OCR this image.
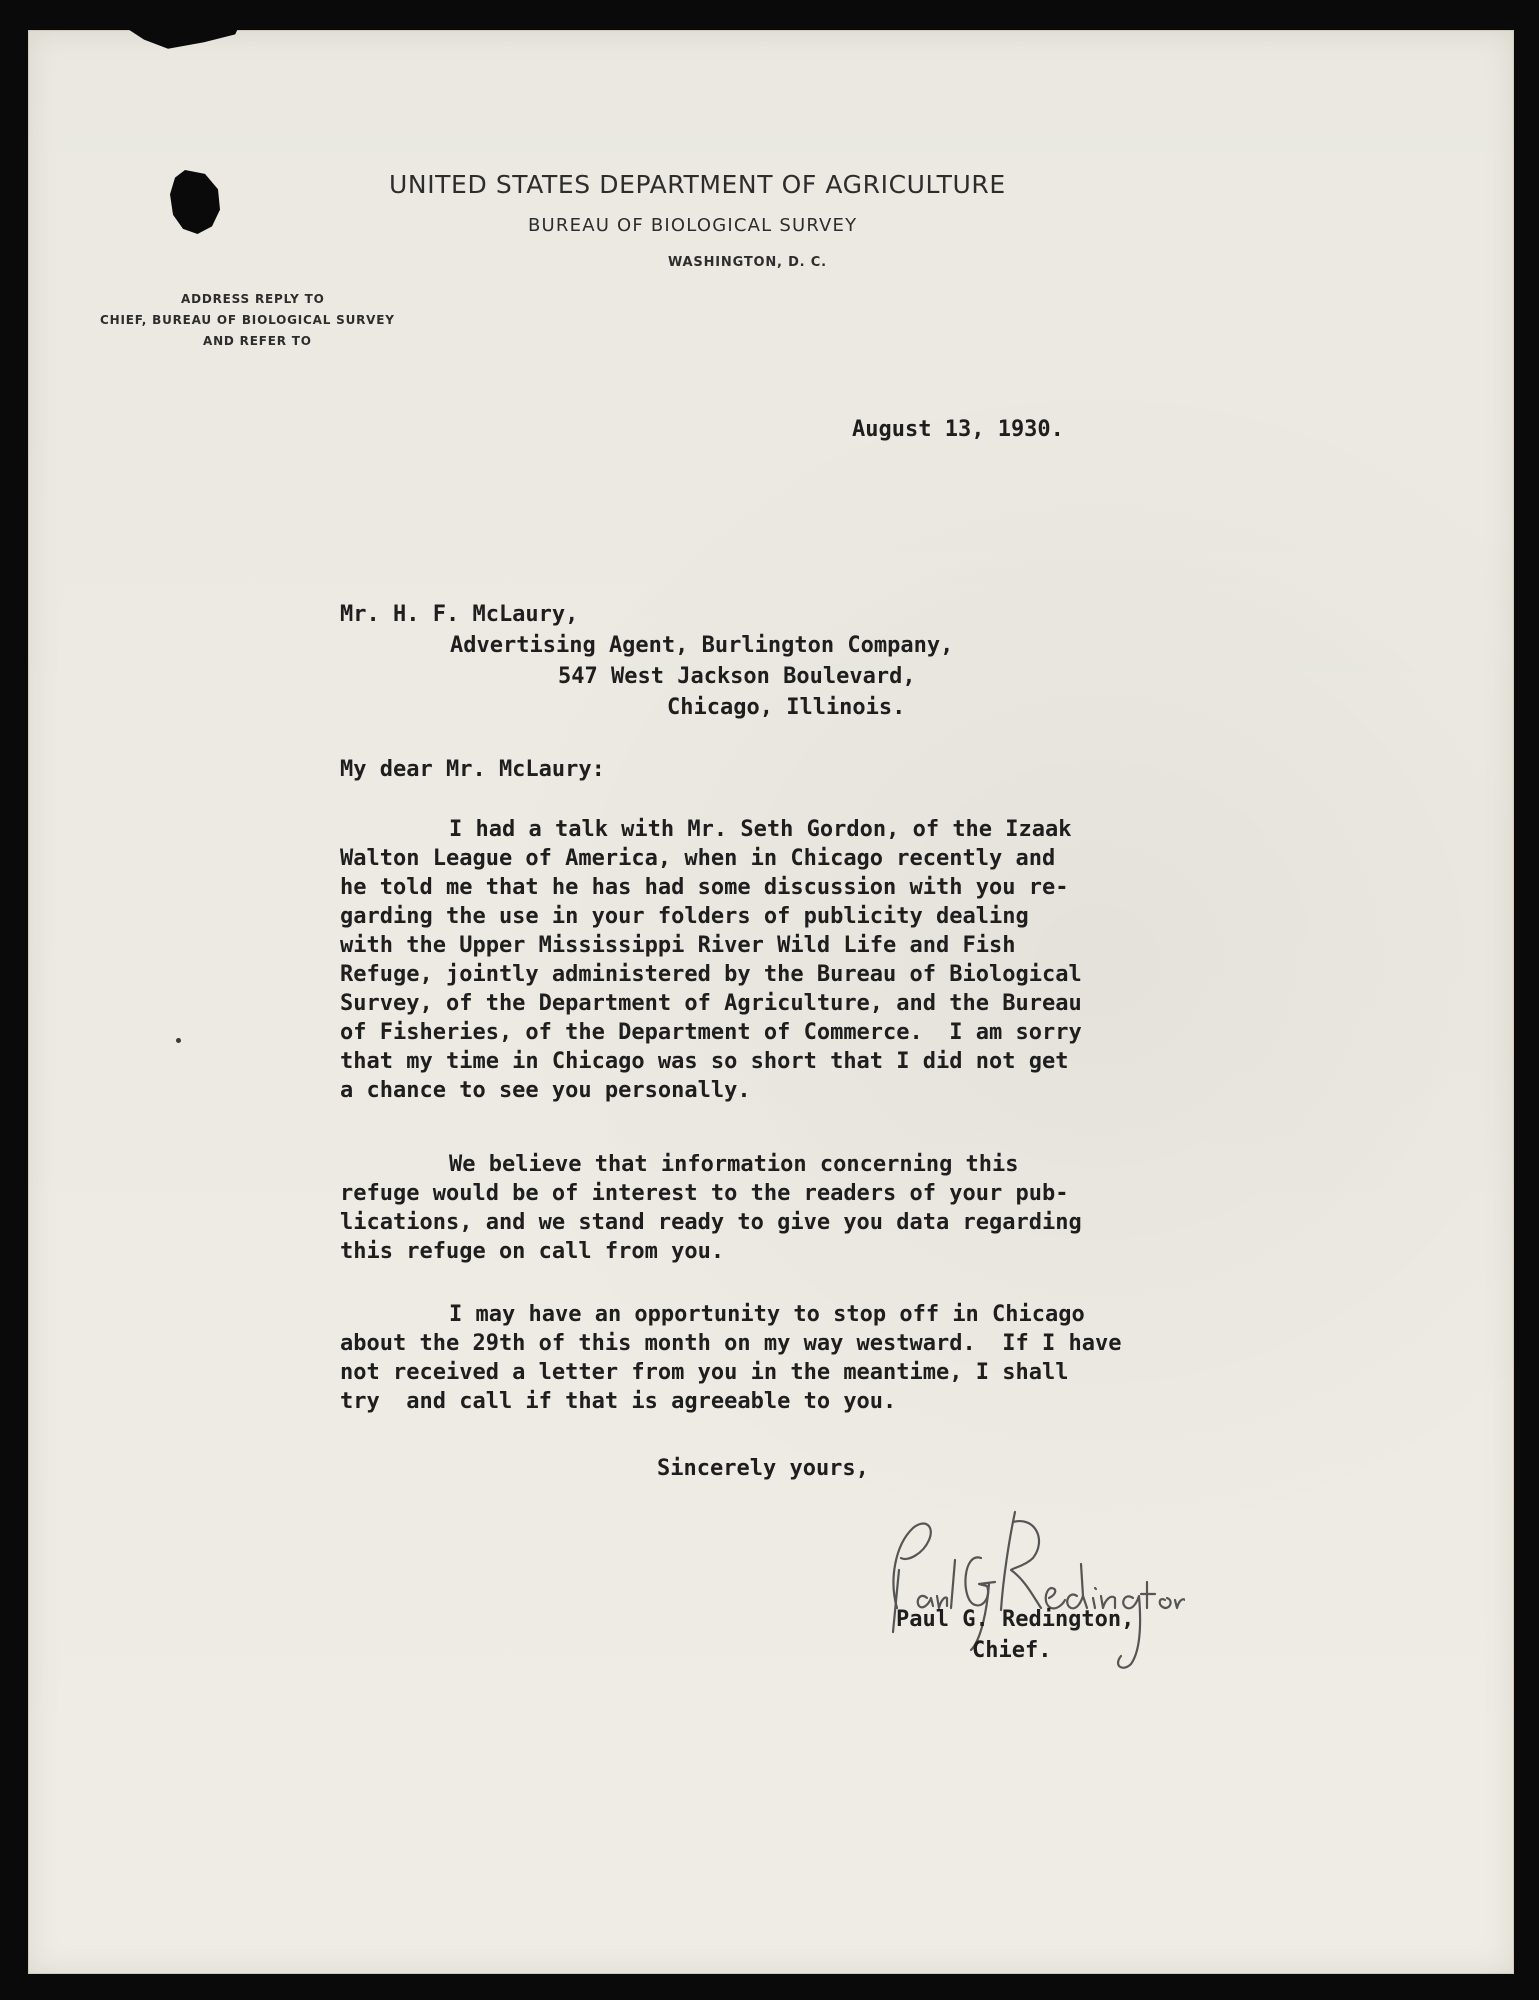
UNITED STATES DEPARTMENT OF AGRICULTURE
BUREAU OF BIOLOGICAL SURVEY
WASHINGTON, D. C.
ADDRESS REPLY TO
CHIEF, BUREAU OF BIOLOGICAL SURVEY
AND REFER TO
August 13, 1930.
Mr. H. F. McLaury,
Advertising Agent, Burlington Company,
547 West Jackson Boulevard,
Chicago, Illinois.
My dear Mr. McLaury:
I had a talk with Mr. Seth Gordon, of the Izaak
Walton League of America, when in Chicago recently and
he told me that he has had some discussion with you re-
garding the use in your folders of publicity dealing
with the Upper Mississippi River Wild Life and Fish
Refuge, jointly administered by the Bureau of Biological
Survey, of the Department of Agriculture, and the Bureau
of Fisheries, of the Department of Commerce.  I am sorry
that my time in Chicago was so short that I did not get
a chance to see you personally.
We believe that information concerning this
refuge would be of interest to the readers of your pub-
lications, and we stand ready to give you data regarding
this refuge on call from you.
I may have an opportunity to stop off in Chicago
about the 29th of this month on my way westward.  If I have
not received a letter from you in the meantime, I shall
try  and call if that is agreeable to you.
Sincerely yours,
Paul G. Redington,
Chief.
